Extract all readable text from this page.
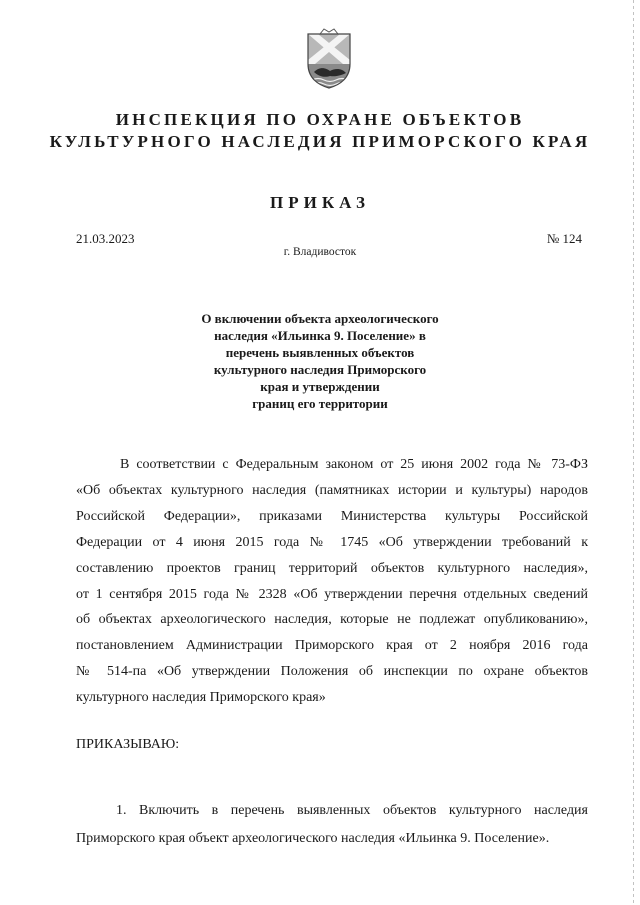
ИНСПЕКЦИЯ ПО ОХРАНЕ ОБЪЕКТОВ
КУЛЬТУРНОГО НАСЛЕДИЯ ПРИМОРСКОГО КРАЯ
ПРИКАЗ
21.03.2023	№ 124
г. Владивосток
О включении объекта археологического
наследия «Ильинка 9. Поселение» в
перечень выявленных объектов
культурного наследия Приморского
края и утверждении
границ его территории
В соответствии с Федеральным законом от 25 июня 2002 года № 73-ФЗ
«Об объектах культурного наследия (памятниках истории и культуры) народов
Российской Федерации», приказами Министерства культуры Российской
Федерации от 4 июня 2015 года № 1745 «Об утверждении требований к
составлению проектов границ территорий объектов культурного наследия»,
от 1 сентября 2015 года № 2328 «Об утверждении перечня отдельных сведений
об объектах археологического наследия, которые не подлежат опубликованию»,
постановлением Администрации Приморского края от 2 ноября 2016 года
№ 514-па «Об утверждении Положения об инспекции по охране объектов
культурного наследия Приморского края»
ПРИКАЗЫВАЮ:
1. Включить в перечень выявленных объектов культурного наследия
Приморского края объект археологического наследия «Ильинка 9. Поселение».
